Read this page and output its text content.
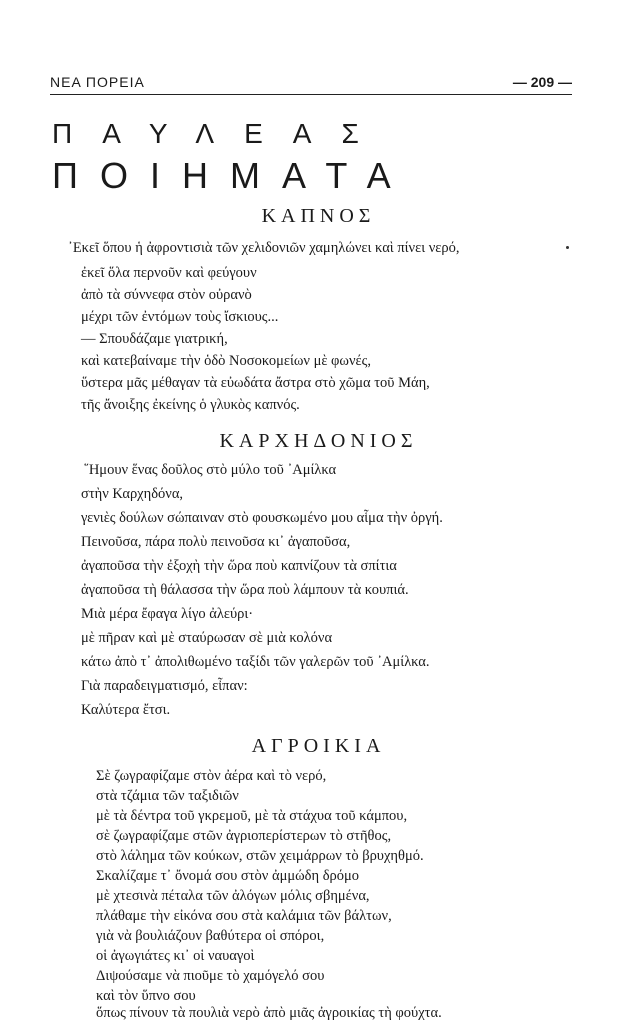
ΝΕΑ ΠΟΡΕΙΑ	— 209 —
ΠΑΥΛΕΑΣ
ΠΟΙΗΜΑΤΑ
ΚΑΠΝΟΣ
᾿Εκεῖ ὅπου ἡ ἀφροντισιὰ τῶν χελιδονιῶν χαμηλώνει καὶ πίνει νερό,
ἐκεῖ ὅλα περνοῦν καὶ φεύγουν
ἀπὸ τὰ σύννεφα στὸν οὐρανὸ
μέχρι τῶν ἐντόμων τοὺς ἴσκιους...
— Σπουδάζαμε γιατρική,
καὶ κατεβαίναμε τὴν ὁδὸ Νοσοκομείων μὲ φωνές,
ὕστερα μᾶς μέθαγαν τὰ εὐωδάτα ἄστρα στὸ χῶμα τοῦ Μάη,
τῆς ἄνοιξης ἐκείνης ὁ γλυκὸς καπνός.
ΚΑΡΧΗΔΟΝΙΟΣ
῞Ημουν ἕνας δοῦλος στὸ μύλο τοῦ ᾿Αμίλκα
στὴν Καρχηδόνα,
γενιὲς δούλων σώπαιναν στὸ φουσκωμένο μου αἷμα τὴν ὀργή.
Πεινοῦσα, πάρα πολὺ πεινοῦσα κι᾿ ἀγαποῦσα,
ἀγαποῦσα τὴν ἐξοχὴ τὴν ὥρα ποὺ καπνίζουν τὰ σπίτια
ἀγαποῦσα τὴ θάλασσα τὴν ὥρα ποὺ λάμπουν τὰ κουπιά.
Μιὰ μέρα ἔφαγα λίγο ἀλεύρι·
μὲ πῆραν καὶ μὲ σταύρωσαν σὲ μιὰ κολόνα
κάτω ἀπὸ τ᾿ ἀπολιθωμένο ταξίδι τῶν γαλερῶν τοῦ ᾿Αμίλκα.
Γιὰ παραδειγματισμό, εἶπαν:
Καλύτερα ἔτσι.
ΑΓΡΟΙΚΙΑ
Σὲ ζωγραφίζαμε στὸν ἀέρα καὶ τὸ νερό,
στὰ τζάμια τῶν ταξιδιῶν
μὲ τὰ δέντρα τοῦ γκρεμοῦ, μὲ τὰ στάχυα τοῦ κάμπου,
σὲ ζωγραφίζαμε στῶν ἀγριοπερίστερων τὸ στῆθος,
στὸ λάλημα τῶν κούκων, στῶν χειμάρρων τὸ βρυχηθμό.
Σκαλίζαμε τ᾿ ὄνομά σου στὸν ἀμμώδη δρόμο
μὲ χτεσινὰ πέταλα τῶν ἀλόγων μόλις σβημένα,
πλάθαμε τὴν εἰκόνα σου στὰ καλάμια τῶν βάλτων,
γιὰ νὰ βουλιάζουν βαθύτερα οἱ σπόροι,
οἱ ἀγωγιάτες κι᾿ οἱ ναυαγοὶ
Διψούσαμε νὰ πιοῦμε τὸ χαμόγελό σου
καὶ τὸν ὕπνο σου
ὅπως πίνουν τὰ πουλιὰ νερὸ ἀπὸ μιᾶς ἀγροικίας τὴ φούχτα.
